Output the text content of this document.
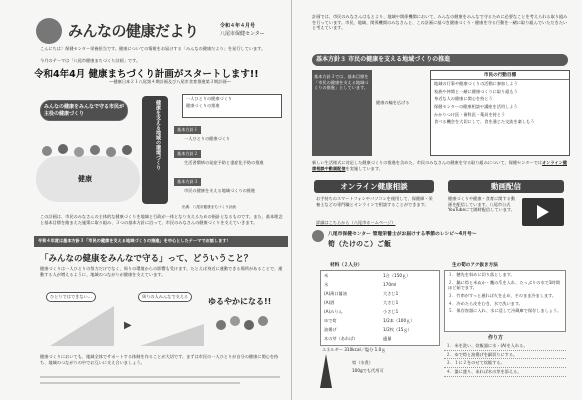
みんなの健康だより	令和４年４月号
八尾市保健センター
こんにちは！保健センター栄養担当です。健康についての情報をお届けする「みんなの健康だより」を発行しています。
今月のテーマは「八尾市健康まちづくり計画」です。
令和4年4月 健康まちづくり計画がスタートします!!
―健康日本２１八尾第４期計画及び八尾市食育推進第３期計画―
みんなの健康をみんなで守る市民が主役の健康づくり
健康
健康を支える地域の環境づくり
一人ひとりの健康づくり
健康づくりの推進
基本方針１
一人ひとりの健康づくり
基本方針２
生活習慣病の発症予防と重症化予防の推進
基本方針３
市民の健康を支える地域づくりの推進
出典：八尾市健康まちづくり計画
この計画は、市民のみなさんの主体的な健康づくりを地域と行政が一体となり支えるための指針となるものです。また、基本理念と基本目標を踏まえた施策に取り組み、３つの基本方針に沿って、市民のみなさんの健康づくりを支えていきます。
令和４年度は基本方針３「市民の健康を支える地域づくりの推進」を中心としたテーマでお話します！
「みんなの健康をみんなで守る」って、どういうこと？
健康づくりは一人ひとりの努力だけでなく、周りの環境からの影響も受けます。たとえば身近に運動できる場所があることで、運動する人が増えるように、地域のつながりが健康を支えています。
ひとりではできない…
▶
周りの人みんなで支える
ゆるやかになる!!
健康づくりにおいても、地域全体でサポートする体制を作ることが大切です。まずは市民の一人ひとりが自分の健康に関心を持ち、地域のつながりの中でお互いに支え合いましょう。
計画では、市民のみなさんはもとより、地域や関係機関において、みんなの健康をみんなで守るために必要なことを考えられる取り組みを行っています。市民、地域、関係機関のみなさんと、この計画に基づき健康づくり・健康を守る行動を一緒に取り組んでいただきたいと考えています。
基本方針３ 市民の健康を支える地域づくりの推進
基本方針３では、基本目標を「市民の健康を支える地域づくりの推進」としています。
健康の輪を広げる
市民の行動目標
地域の行事や健康づくりの活動に参加しよう
家族や仲間と一緒に健康づくりに取り組もう
身近な人の健康に関心を持とう
保健センターの健康相談や講座を活用しよう
かかりつけ医・歯科医・薬局を持とう
食べる機会を大切にして、食を通じた交流を楽しもう
新しい生活様式に対応した健康づくりの推進を含めた、市民のみなさんの健康を守る取り組みについて、保健センターではオンライン健康相談や動画配信を実施しています。
オンライン健康相談
お手持ちのスマートフォンやパソコンを使用して、保健師・栄養士などの専門職とオンラインで相談することができます。
詳細はこちらから（八尾市ホームページ）
動画配信
健康づくりや健康・食育に関する動画を配信しています。八尾市公式YouTubeにて随時配信しています。
八尾市保健センター 管理栄養士がお届けする季節のレシピ～4月号～
筍（たけのこ）ご飯
材料（２人分）
米	1合（150ｇ）
水	170ml
(A)薄口醤油	大さじ1
(A)酒	大さじ1
(A)みりん	小さじ1
ゆで筍	1/2本（100ｇ）
油揚げ	1/2枚（15ｇ）
木の芽（あれば）	適量
エネルギー 310kcal／塩分 1.0ｇ
筍（水煮）
100gでも代用可
生の筍のアク抜き方法
１．穂先を斜めに切り落とします。
２．鍋に筍と米ぬか・鷹の爪を入れ、たっぷりの水で1時間ほど茹でます。
３．竹串がすっと通れば火を止め、そのまま冷まします。
４．冷めたら皮をむき、水で洗います。
５．保存容器に入れ、水に浸して冷蔵庫で保存しましょう。
作り方
１．米を洗い、炊飯器に水・(A)を入れる。
２．ゆで筍と油揚げを細切りにする。
３．１に２をのせて炊飯する。
４．器に盛り、あれば木の芽を添える。
